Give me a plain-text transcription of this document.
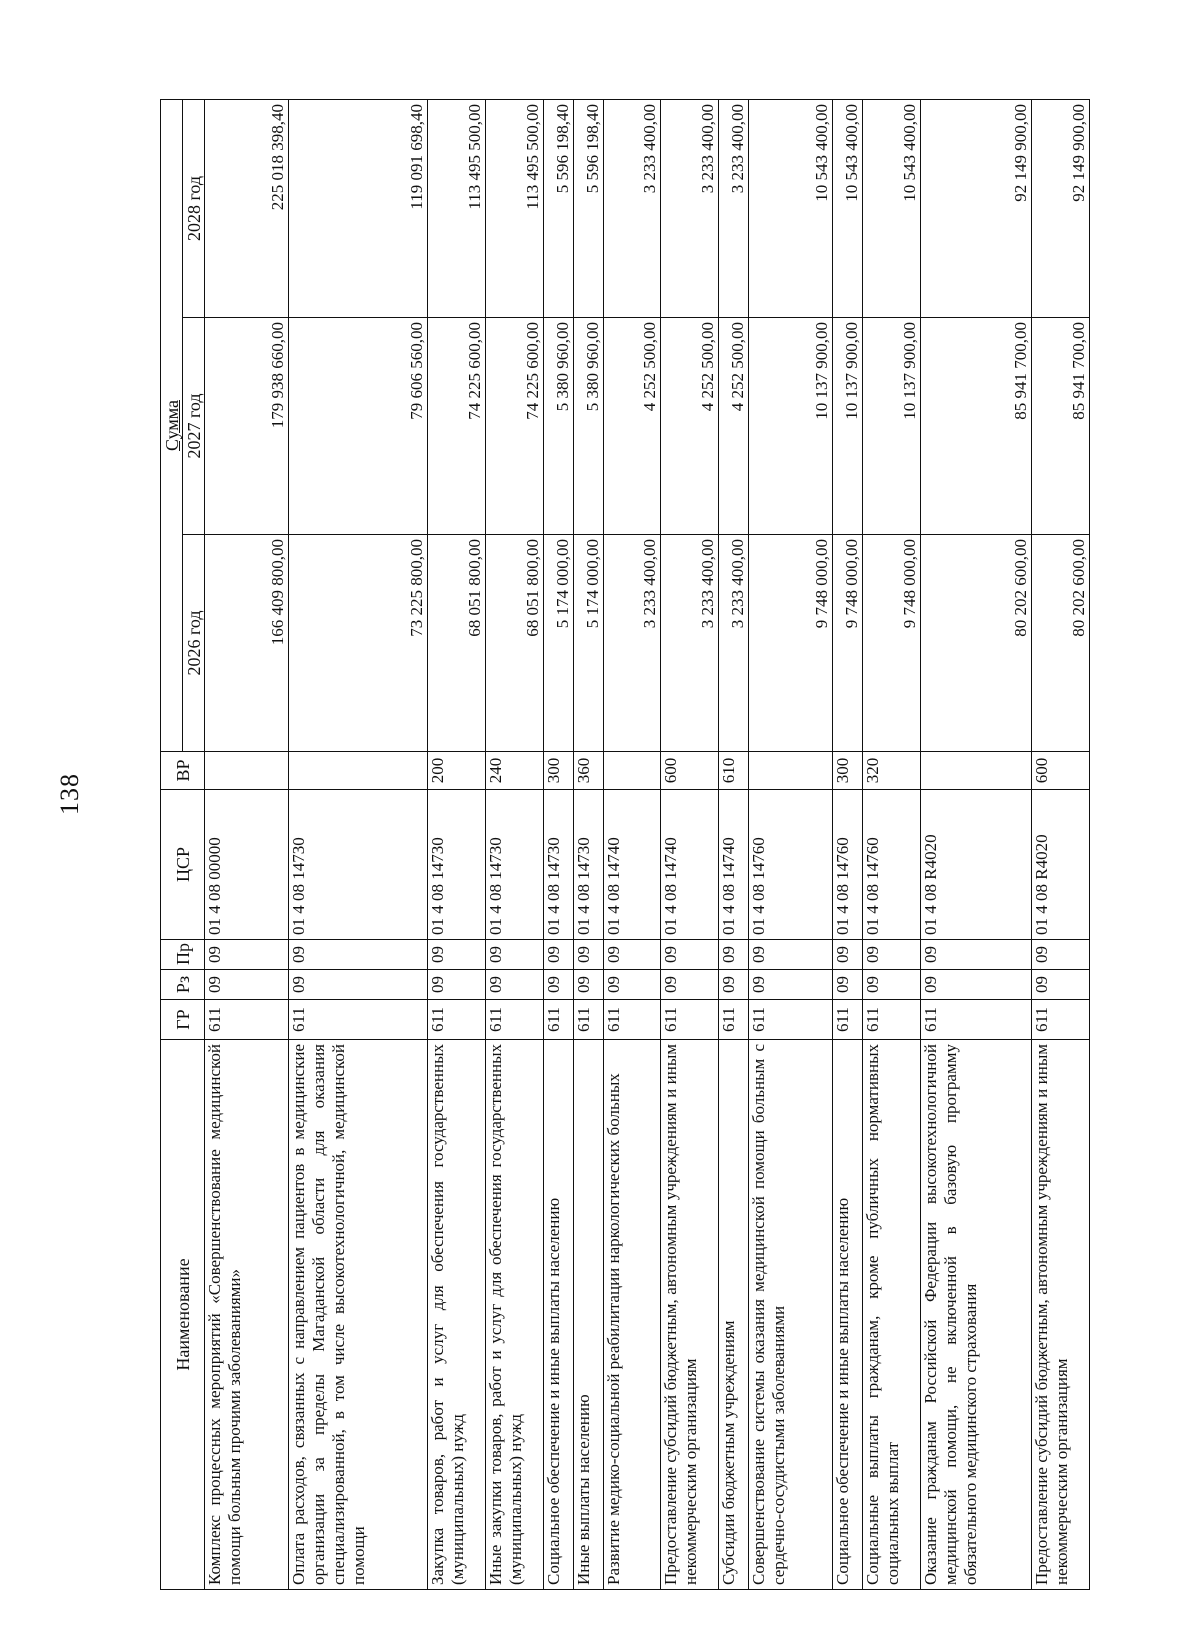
138
Наименование	ГР	Рз	Пр	ЦСР	ВР	Сумма		
						2026 год	2027 год	2028 год
Комплекс процессных мероприятий «Совершенствование медицинской помощи больным прочими заболеваниями»	611	09	09	01 4 08 00000		166 409 800,00	179 938 660,00	225 018 398,40
Оплата расходов, связанных с направлением пациентов в медицинские организации за пределы Магаданской области для оказания специализированной, в том числе высокотехнологичной, медицинской помощи	611	09	09	01 4 08 14730		73 225 800,00	79 606 560,00	119 091 698,40
Закупка товаров, работ и услуг для обеспечения государственных (муниципальных) нужд	611	09	09	01 4 08 14730	200	68 051 800,00	74 225 600,00	113 495 500,00
Иные закупки товаров, работ и услуг для обеспечения государственных (муниципальных) нужд	611	09	09	01 4 08 14730	240	68 051 800,00	74 225 600,00	113 495 500,00
Социальное обеспечение и иные выплаты населению	611	09	09	01 4 08 14730	300	5 174 000,00	5 380 960,00	5 596 198,40
Иные выплаты населению	611	09	09	01 4 08 14730	360	5 174 000,00	5 380 960,00	5 596 198,40
Развитие медико-социальной реабилитации наркологических больных	611	09	09	01 4 08 14740		3 233 400,00	4 252 500,00	3 233 400,00
Предоставление субсидий бюджетным, автономным учреждениям и иным некоммерческим организациям	611	09	09	01 4 08 14740	600	3 233 400,00	4 252 500,00	3 233 400,00
Субсидии бюджетным учреждениям	611	09	09	01 4 08 14740	610	3 233 400,00	4 252 500,00	3 233 400,00
Совершенствование системы оказания медицинской помощи больным с сердечно-сосудистыми заболеваниями	611	09	09	01 4 08 14760		9 748 000,00	10 137 900,00	10 543 400,00
Социальное обеспечение и иные выплаты населению	611	09	09	01 4 08 14760	300	9 748 000,00	10 137 900,00	10 543 400,00
Социальные выплаты гражданам, кроме публичных нормативных социальных выплат	611	09	09	01 4 08 14760	320	9 748 000,00	10 137 900,00	10 543 400,00
Оказание гражданам Российской Федерации высокотехнологичной медицинской помощи, не включенной в базовую программу обязательного медицинского страхования	611	09	09	01 4 08 R4020		80 202 600,00	85 941 700,00	92 149 900,00
Предоставление субсидий бюджетным, автономным учреждениям и иным некоммерческим организациям	611	09	09	01 4 08 R4020	600	80 202 600,00	85 941 700,00	92 149 900,00
